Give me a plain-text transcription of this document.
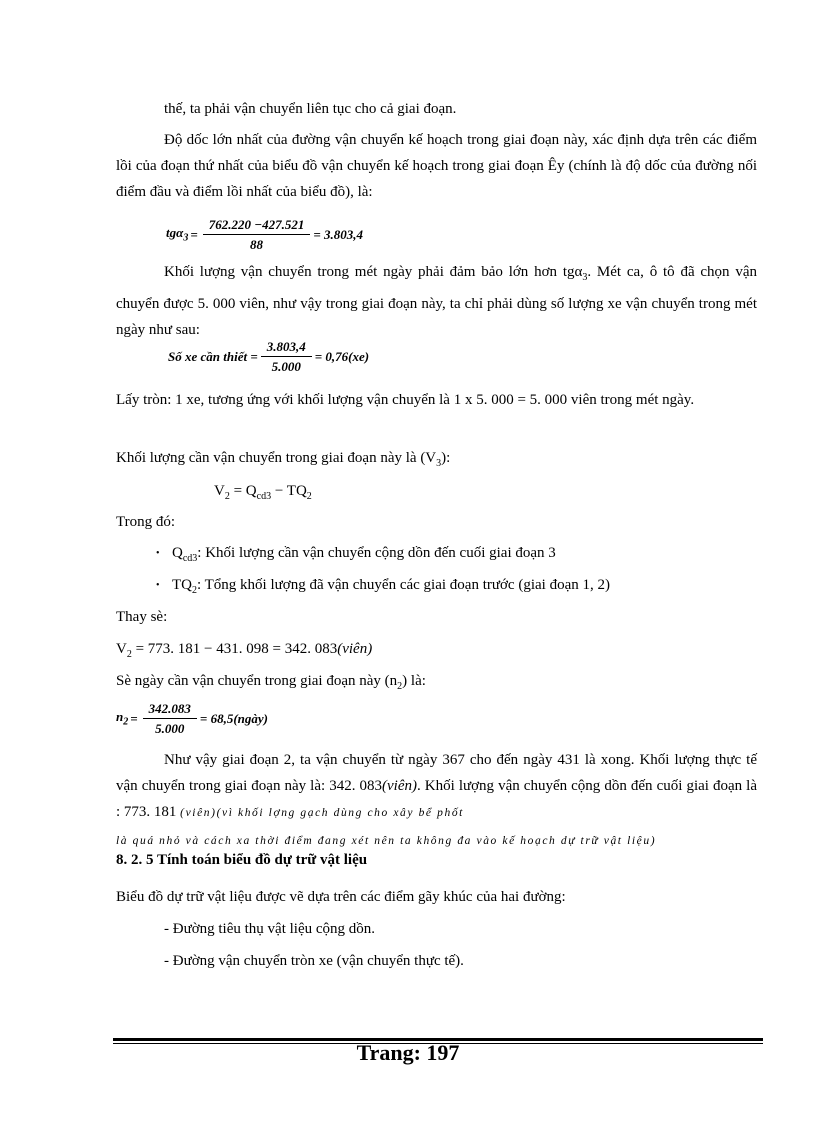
thế, ta phải vận chuyển liên tục cho cả giai đoạn.

Độ dốc lớn nhất của đường vận chuyển kế hoạch trong giai đoạn này, xác định dựa trên các điểm lồi của đoạn thứ nhất của biểu đồ vận chuyển kế hoạch trong giai đoạn Êy (chính là độ dốc của đường nối điểm đầu và điểm lồi nhất của biểu đồ), là:

$tg\alpha_3 = \frac{762.220 -427.521}{88} = 3.803,4$

Khối lượng vận chuyển trong mét ngày phải đảm bảo lớn hơn tgα$_3$. Mét ca, ô tô đã chọn vận chuyển được 5. 000 viên, như vậy trong giai đoạn này, ta chỉ phải dùng số lượng xe vận chuyển trong mét ngày như sau:

Số xe cần thiết = $\frac{3.803,4}{5.000} = 0,76(xe)$

Lấy tròn: 1 xe, tương ứng với khối lượng vận chuyển là 1 x 5. 000 = 5. 000 viên trong mét ngày.

Khối lượng cần vận chuyển trong giai đoạn này là $(V_3)$:

$V_2 = Q_{cd3} - TQ_2$

Trong đó:

• $Q_{cd3}$: Khối lượng cần vận chuyển cộng dồn đến cuối giai đoạn 3
• $TQ_2$: Tổng khối lượng đã vận chuyển các giai đoạn trước (giai đoạn 1, 2)

Thay sè:

$V_2 = 773$. 181 − 431. 098 = 342. 083(viên)

Sè ngày cần vận chuyển trong giai đoạn này $(n_2)$ là:

$n_2 = \frac{342.083}{5.000}$ = 68,5(ngày)

Như vậy giai đoạn 2, ta vận chuyển từ ngày 367 cho đến ngày 431 là xong. Khối lượng thực tế vận chuyển trong giai đoạn này là: 342. 083(viên). Khối lượng vận chuyển cộng dồn đến cuối giai đoạn là : 773. 181 (viên)(vì khối lợng gạch dùng cho xây bể phốt

là quá nhỏ và cách xa thời điểm đang xét nên ta không đa vào kế hoạch dự trữ vật liệu)

8. 2. 5 Tính toán biểu đồ dự trữ vật liệu

Biểu đồ dự trữ vật liệu được vẽ dựa trên các điểm gãy khúc của hai đường:

- Đường tiêu thụ vật liệu cộng dồn.

- Đường vận chuyển tròn xe (vận chuyển thực tế).

Trang: 197
